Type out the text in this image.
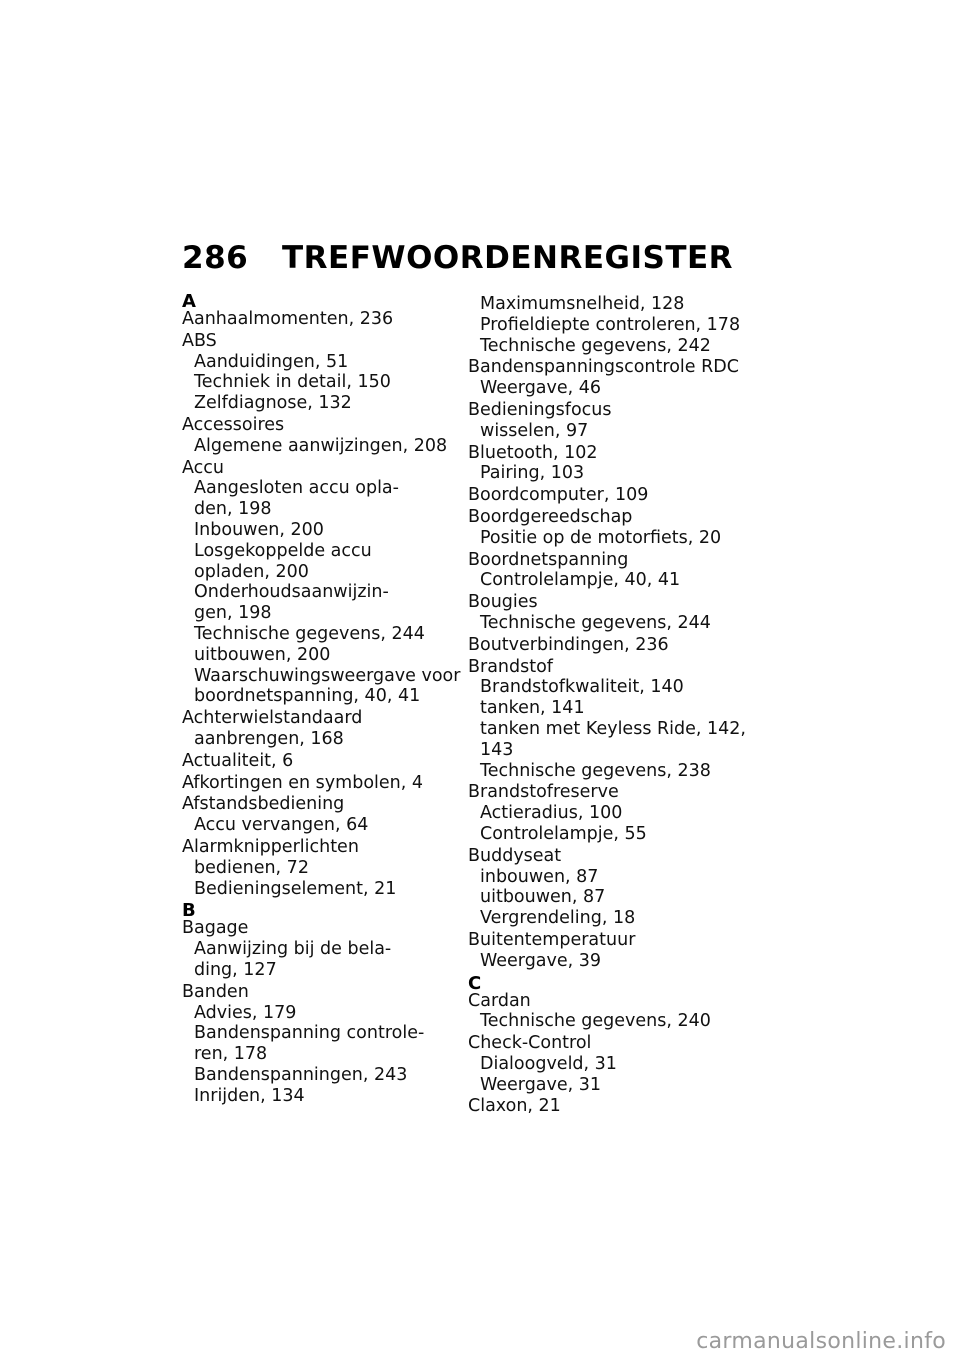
286 TREFWOORDENREGISTER
A
Aanhaalmomenten, 236
ABS
Aanduidingen, 51
Techniek in detail, 150
Zelfdiagnose, 132
Accessoires
Algemene aanwijzingen, 208
Accu
Aangesloten accu opla-
den, 198
Inbouwen, 200
Losgekoppelde accu
opladen, 200
Onderhoudsaanwijzin-
gen, 198
Technische gegevens, 244
uitbouwen, 200
Waarschuwingsweergave voor
boordnetspanning, 40, 41
Achterwielstandaard
aanbrengen, 168
Actualiteit, 6
Afkortingen en symbolen, 4
Afstandsbediening
Accu vervangen, 64
Alarmknipperlichten
bedienen, 72
Bedieningselement, 21
B
Bagage
Aanwijzing bij de bela-
ding, 127
Banden
Advies, 179
Bandenspanning controle-
ren, 178
Bandenspanningen, 243
Inrijden, 134
Maximumsnelheid, 128
Profieldiepte controleren, 178
Technische gegevens, 242
Bandenspanningscontrole RDC
Weergave, 46
Bedieningsfocus
wisselen, 97
Bluetooth, 102
Pairing, 103
Boordcomputer, 109
Boordgereedschap
Positie op de motorfiets, 20
Boordnetspanning
Controlelampje, 40, 41
Bougies
Technische gegevens, 244
Boutverbindingen, 236
Brandstof
Brandstofkwaliteit, 140
tanken, 141
tanken met Keyless Ride, 142,
143
Technische gegevens, 238
Brandstofreserve
Actieradius, 100
Controlelampje, 55
Buddyseat
inbouwen, 87
uitbouwen, 87
Vergrendeling, 18
Buitentemperatuur
Weergave, 39
C
Cardan
Technische gegevens, 240
Check-Control
Dialoogveld, 31
Weergave, 31
Claxon, 21
carmanualsonline.info
